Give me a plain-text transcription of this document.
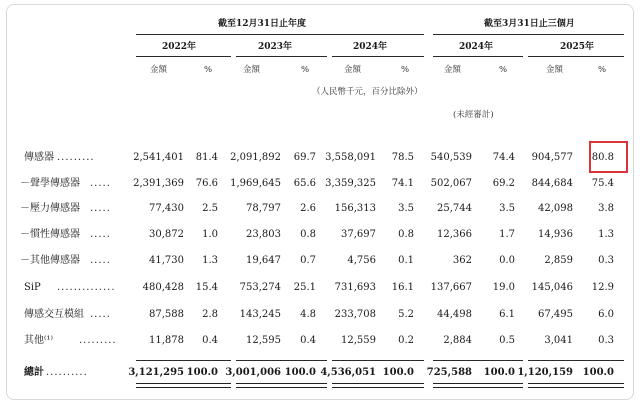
截至12月31日止年度	截至3月31日止三個月
2022年	2023年	2024年	2024年	2025年
金額	%	金額	%	金額	%	金額	%	金額	%
（人民幣千元，百分比除外）
(未經審計)
傳感器 .........	2,541,401	81.4	2,091,892	69.7 3,558,091	78.5	540,539	74.4	904,577	80.8
－聲學傳感器 .....	2,391,369	76.6	1,969,645	65.6 3,359,325	74.1	502,067	69.2	844,684	75.4
－壓力傳感器 .....	77,430	2.5	78,797	2.6	156,313	3.5	25,744	3.5	42,098	3.8
－慣性傳感器 .....	30,872	1.0	23,803	0.8	37,697	0.8	12,366	1.7	14,936	1.3
－其他傳感器 .....	41,730	1.3	19,647	0.7	4,756	0.1	362	0.0	2,859	0.3
SiP ..............	480,428	15.4	753,274	25.1	731,693	16.1	137,667	19.0	145,046	12.9
傳感交互模組 .....	87,588	2.8	143,245	4.8	233,708	5.2	44,498	6.1	67,495	6.0
其他⁽¹⁾	.........	11,878	0.4	12,595	0.4	12,559	0.2	2,884	0.5	3,041	0.3
總計 ..........	3,121,295 100.0 3,001,006 100.0 4,536,051 100.0	725,588	100.0 1,120,159 100.0
